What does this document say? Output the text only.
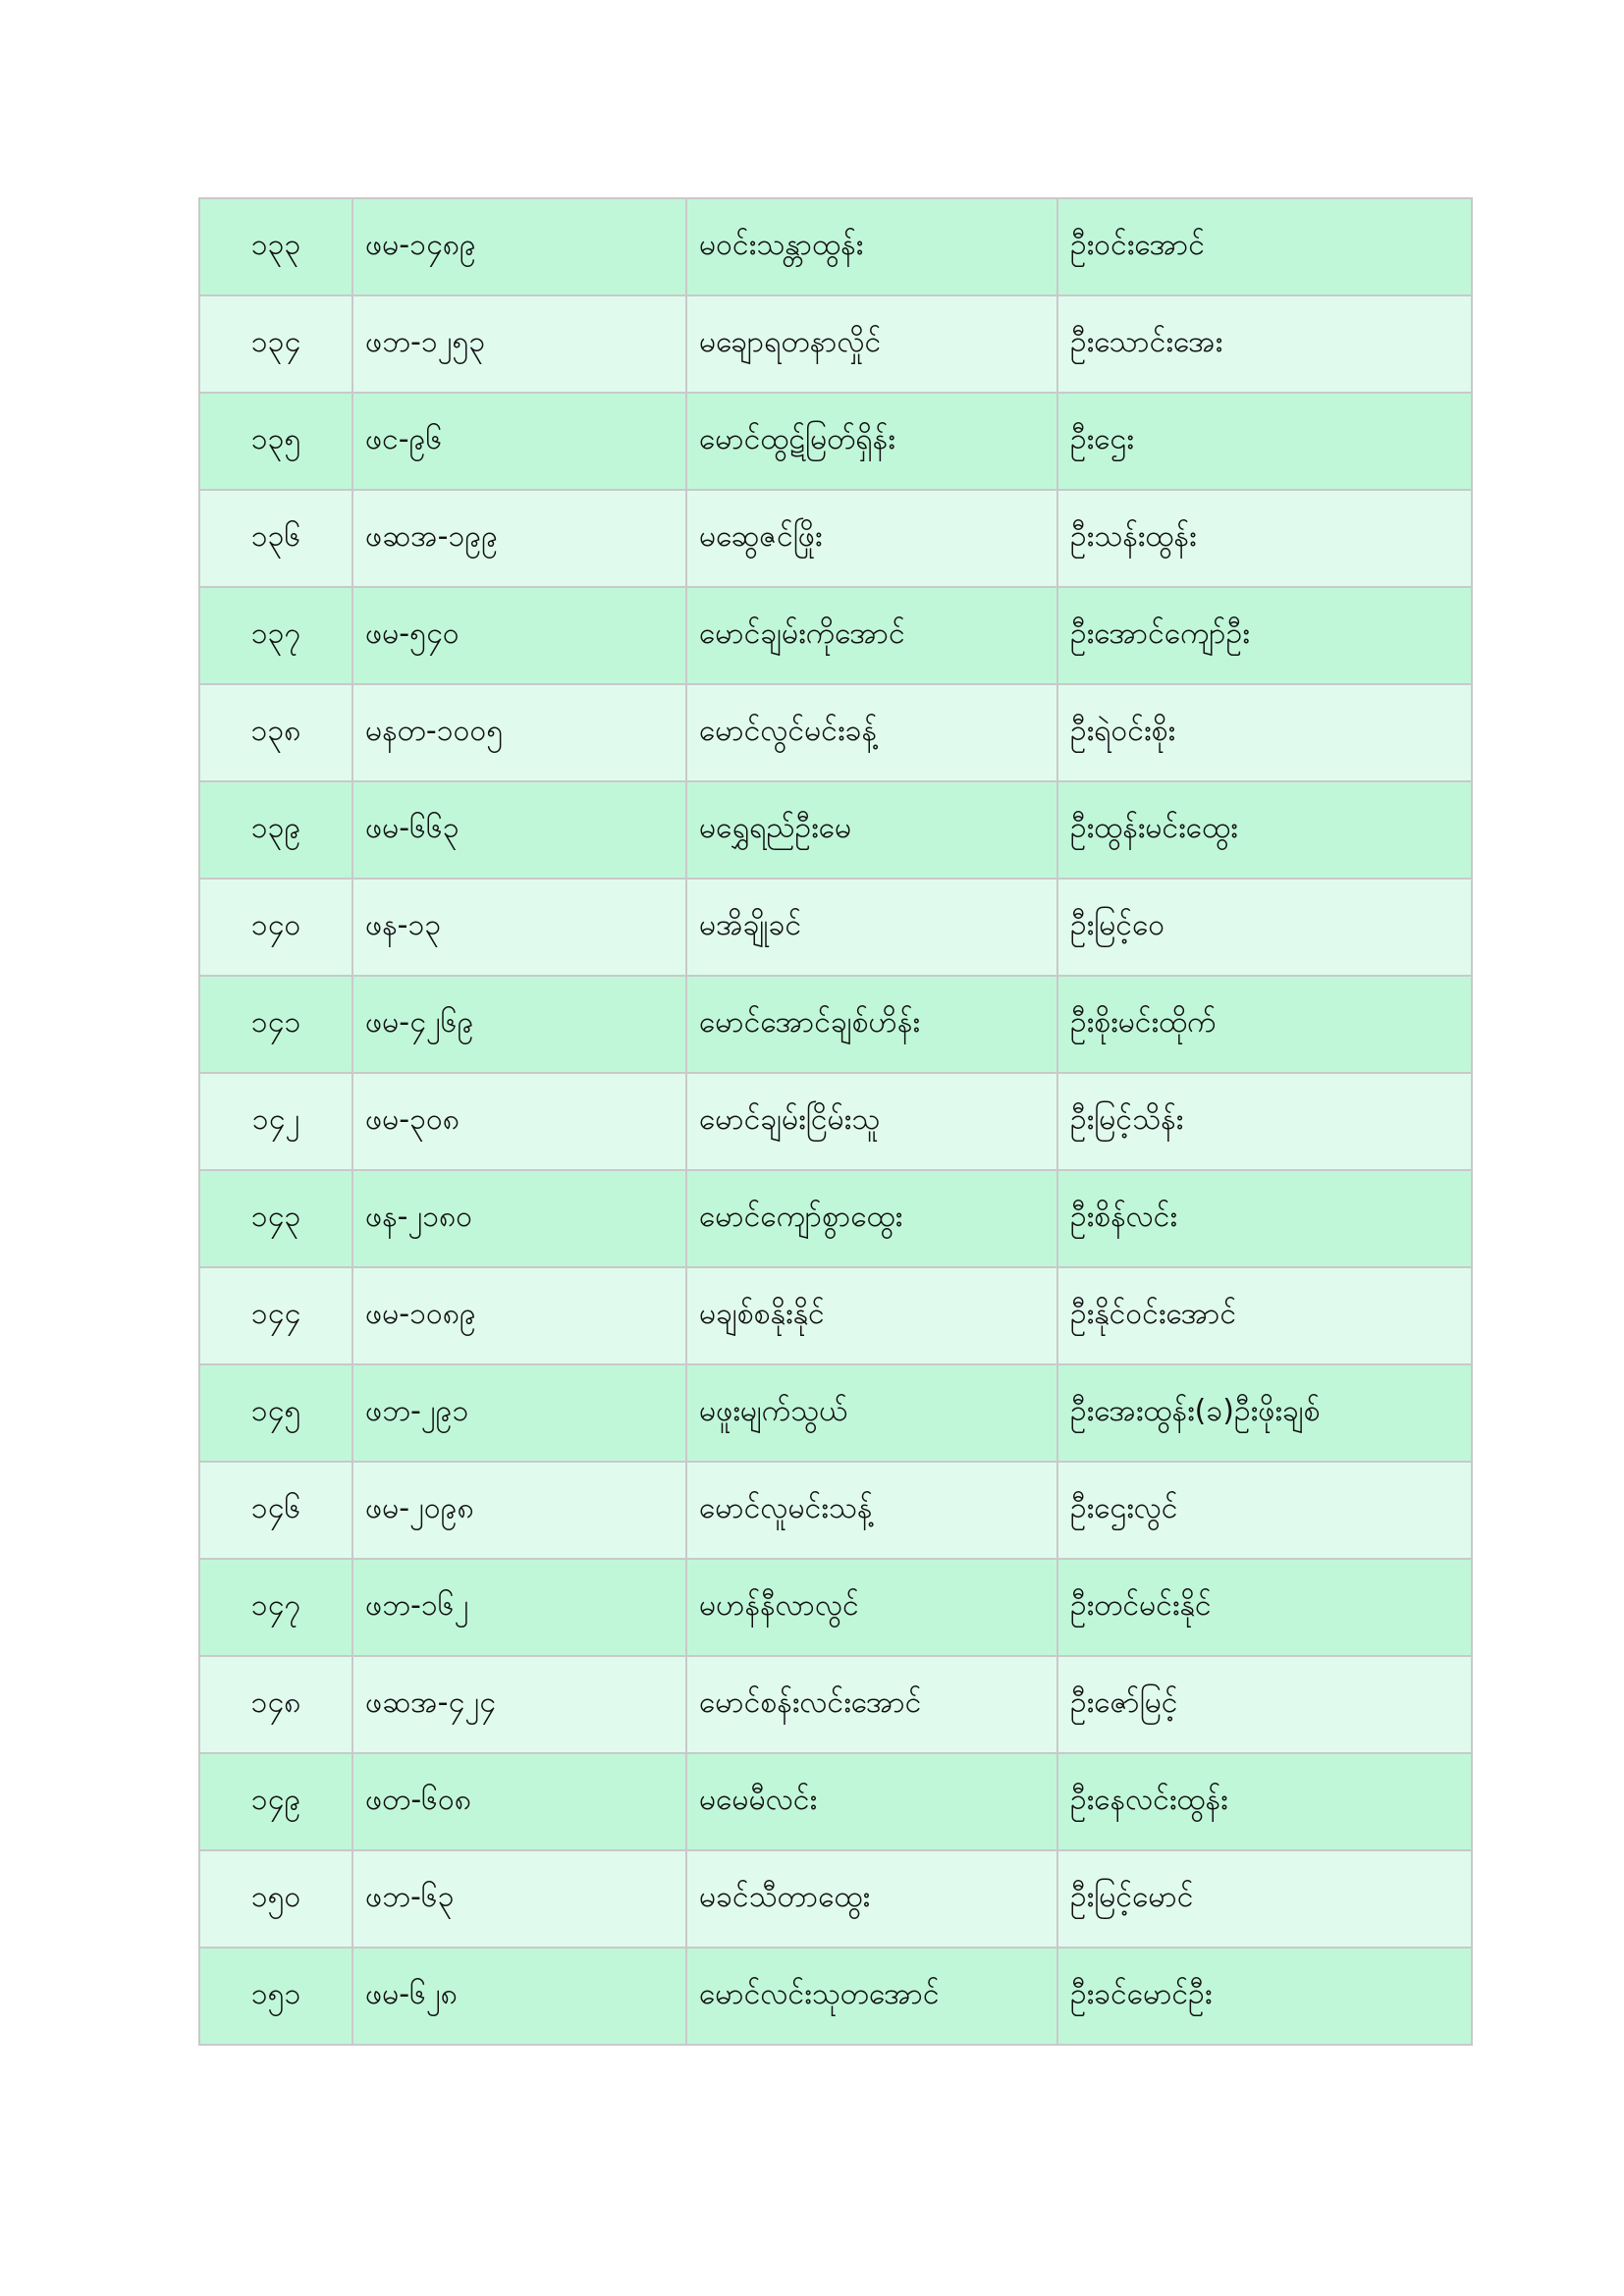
၁၃၃	ဖမ-၁၄၈၉	မဝင်းသန္တာထွန်း	ဦးဝင်းအောင်
၁၃၄	ဖဘ-၁၂၅၃	မချောရတနာလှိုင်	ဦးသောင်းအေး
၁၃၅	ဖင-၉၆	မောင်ထွဋ်မြတ်ရှိန်း	ဦးဌေး
၁၃၆	ဖဆအ-၁၉၉	မဆွေဇင်ဖြိုး	ဦးသန်းထွန်း
၁၃၇	ဖမ-၅၄၀	မောင်ချမ်းကိုအောင်	ဦးအောင်ကျော်ဦး
၁၃၈	မနတ-၁၀၀၅	မောင်လွင်မင်းခန့်	ဦးရဲဝင်းစိုး
၁၃၉	ဖမ-၆၆၃	မရွှေရည်ဦးမေ	ဦးထွန်းမင်းထွေး
၁၄၀	ဖန-၁၃	မအိချိုခင်	ဦးမြင့်ဝေ
၁၄၁	ဖမ-၄၂၆၉	မောင်အောင်ချစ်ဟိန်း	ဦးစိုးမင်းထိုက်
၁၄၂	ဖမ-၃၀၈	မောင်ချမ်းငြိမ်းသူ	ဦးမြင့်သိန်း
၁၄၃	ဖန-၂၁၈၀	မောင်ကျော်စွာထွေး	ဦးစိန်လင်း
၁၄၄	ဖမ-၁၀၈၉	မချစ်စနိုးနိုင်	ဦးနိုင်ဝင်းအောင်
၁၄၅	ဖဘ-၂၉၁	မဖူးမျက်သွယ်	ဦးအေးထွန်း(ခ)ဦးဖိုးချစ်
၁၄၆	ဖမ-၂၀၉၈	မောင်လူမင်းသန့်	ဦးဌေးလွင်
၁၄၇	ဖဘ-၁၆၂	မဟန်နီလာလွင်	ဦးတင်မင်းနိုင်
၁၄၈	ဖဆအ-၄၂၄	မောင်စန်းလင်းအောင်	ဦးဇော်မြင့်
၁၄၉	ဖတ-၆၀၈	မမေမီလင်း	ဦးနေလင်းထွန်း
၁၅၀	ဖဘ-၆၃	မခင်သီတာထွေး	ဦးမြင့်မောင်
၁၅၁	ဖမ-၆၂၈	မောင်လင်းသုတအောင်	ဦးခင်မောင်ဦး
